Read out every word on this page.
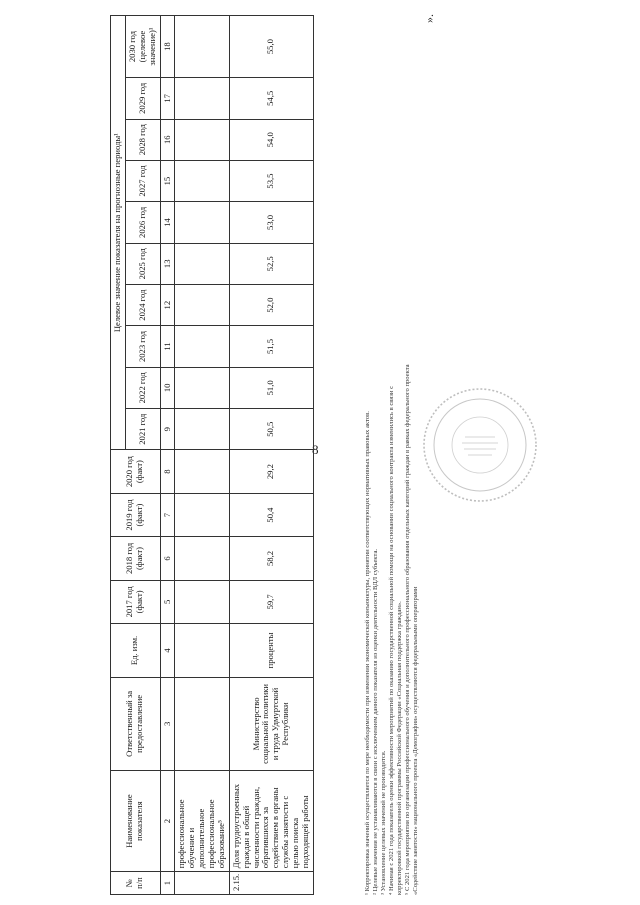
8
№ п/п	Наименование показателя	Ответственный за предоставление	Ед. изм.	2017 год (факт)	2018 год (факт)	2019 год (факт)	2020 год (факт)	Целевое значение показателя на прогнозные периоды¹									
								2021 год	2022 год	2023 год	2024 год	2025 год	2026 год	2027 год	2028 год	2029 год	2030 год (целевое значение)¹
1	2	3	4	5	6	7	8	9	10	11	12	13	14	15	16	17	18
	профессиональное обучение и дополнительное профессиональное образование⁵																
2.15.	Доля трудоустроенных граждан в общей численности граждан, обратившихся за содействием в органы службы занятости с целью поиска подходящей работы	Министерство социальной политики и труда Удмуртской Республики	проценты	59,7	58,2	50,4	29,2	50,5	51,0	51,5	52,0	52,5	53,0	53,5	54,0	54,5	55,0
¹ Корректировка значений осуществляется по мере необходимости при изменении экономической конъюнктуры, принятии соответствующих нормативных правовых актов. ² Целевые значения не устанавливаются в связи с исключением данного показателя из оценки деятельности ВДЛ субъекта. ³ Установление целевых значений не производится. ⁴ Начиная с 2021 года показатель оценки эффективности мероприятий по оказанию государственной социальной помощи на основании социального контракта изменились в связи с корректировкой государственной программы Российской Федерации «Социальная поддержка граждан». ⁵ С 2021 года мероприятия по организации профессионального обучения и дополнительного профессионального образования отдельных категорий граждан в рамках федерального проекта «Содействие занятости» национального проекта «Демография» осуществляются федеральными операторами
».
